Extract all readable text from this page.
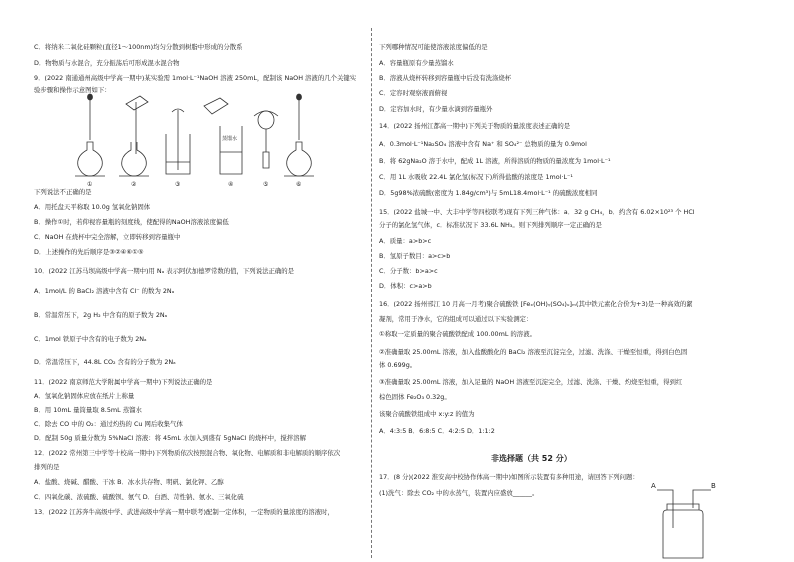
C．将纳米二氧化硅颗粒(直径1～100nm)均匀分散到树脂中形成的分散系
D．物物质与水混合，充分振荡后可形成混水混合物
9．(2022 南通通州高级中学高一期中)某实验需 1mol·L⁻¹NaOH 溶液 250mL，配制该 NaOH 溶液的几个关键实
验步骤和操作示意图如下：
①	②	③	④	⑤	⑥
蒸馏水
下列说法不正确的是
A．用托盘天平称取 10.0g 氢氧化钠固体
B．操作①时，若仰视容量瓶的刻度线，使配得的NaOH溶液浓度偏低
C．NaOH 在烧杯中完全溶解，立即转移到容量瓶中
D．上述操作的先后顺序是③②④⑥①⑤
10．(2022 江苏马坝高级中学高一期中)用 Nₐ 表示阿伏加德罗常数的值，下列说法正确的是
A．1mol/L 的 BaCl₂ 溶液中含有 Cl⁻ 的数为 2Nₐ
B．常温常压下，2g H₂ 中含有的原子数为 2Nₐ
C．1mol 铁原子中含有的电子数为 2Nₐ
D．常温常压下，44.8L CO₂ 含有的分子数为 2Nₐ
11．(2022 南京师范大学附属中学高一期中)下列说法正确的是
A．氢氧化钠固体应放在纸片上称量
B．用 10mL 量筒量取 8.5mL 蒸馏水
C．除去 CO 中的 O₂：通过灼热的 Cu 网后收集气体
D．配制 50g 质量分数为 5%NaCl 溶液：将 45mL 水加入到盛有 5gNaCl 的烧杯中，搅拌溶解
12．(2022 常州第三中学等十校高一期中)下列物质依次按照混合物、氧化物、电解质和非电解质的顺序依次
排列的是
A．盐酸、烧碱、醋酸、干冰 B．冰水共存物、明矾、氯化钾、乙醇
C．四氧化碳、浓硫酸、硫酸钡、氨气 D．白酒、苛性钠、氨水、三氧化硫
13．(2022 江苏奔牛高级中学、武进高级中学高一期中联考)配制一定体积，一定物质的量浓度的溶液时，
下列哪种情况可能使溶液浓度偏低的是
A．容量瓶原有少量蒸馏水
B．溶液从烧杯转移到容量瓶中后没有洗涤烧杯
C．定容时观察液面俯视
D．定容加水时，有少量水滴到容量瓶外
14．(2022 扬州江都高一期中)下列关于物质的量浓度表述正确的是
A．0.3mol·L⁻¹Na₂SO₄ 溶液中含有 Na⁺ 和 SO₄²⁻ 总物质的量为 0.9mol
B．将 62gNa₂O 溶于水中，配成 1L 溶液，所得溶质的物质的量浓度为 1mol·L⁻¹
C．用 1L 水吸收 22.4L 氯化氢(标况下)所得盐酸的浓度是 1mol·L⁻¹
D．5g98%浓硫酸(密度为 1.84g/cm³)与 5mL18.4mol·L⁻¹ 的硫酸浓度相同
15．(2022 盐城一中、大丰中学等四校联考)现有下列三种气体：a．32 g CH₄，b．约含有 6.02×10²³ 个 HCl
分子的氯化氢气体，c．标准状况下 33.6L NH₃。则下列排列顺序一定正确的是
A．质量：a>b>c
B．氢原子数目：a>c>b
C．分子数：b>a>c
D．体积：c>a>b
16．(2022 扬州邗江 10 月高一月考)聚合硫酸铁 [Feₓ(OH)ᵧ(SO₄)ᵤ]ₘ(其中铁元素化合价为+3)是一种高效的絮
凝剂，常用于净水，它的组成可以通过以下实验测定：
①称取一定质量的聚合硫酸铁配成 100.00mL 的溶液。
②准确量取 25.00mL 溶液，加入盐酸酸化的 BaCl₂ 溶液至沉淀完全，过滤、洗涤、干燥至恒重，得到白色固
体 0.699g。
③准确量取 25.00mL 溶液，加入足量的 NaOH 溶液至沉淀完全，过滤、洗涤、干燥、灼烧至恒重，得到红
棕色固体 Fe₂O₃ 0.32g。
该聚合硫酸铁组成中 x:y:z 的值为
A．4:3:5 B．6:8:5 C．4:2:5 D．1:1:2
非选择题（共 52 分）
17．(8 分)(2022 淮安高中校协作体高一期中)如图所示装置有多种用途，请回答下列问题：
(1)洗气：除去 CO₂ 中的水蒸气，装置内应盛放______。
A	B
